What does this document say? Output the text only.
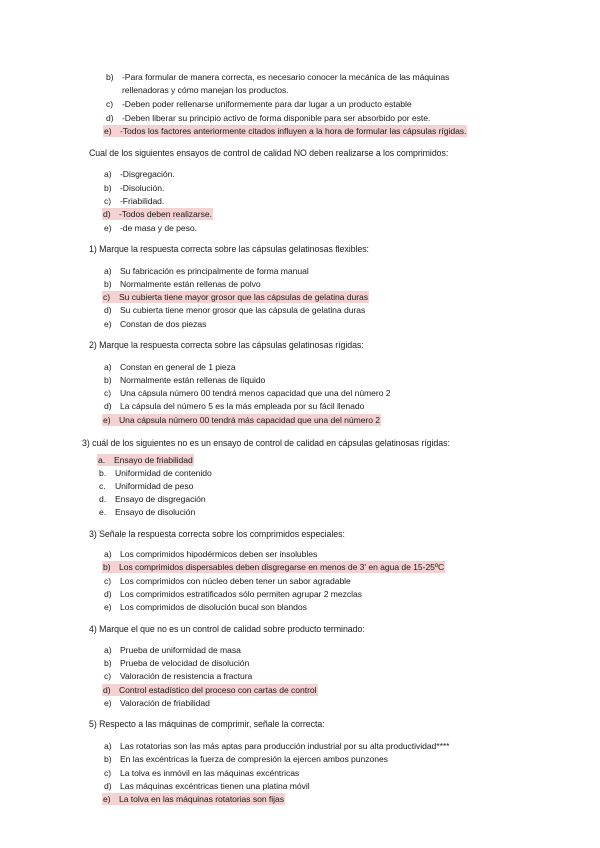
b) -Para formular de manera correcta, es necesario conocer la mecánica de las máquinas
rellenadoras y cómo manejan los productos.
c) -Deben poder rellenarse uniformemente para dar lugar a un producto estable
d) -Deben liberar su principio activo de forma disponible para ser absorbido por este.
e) -Todos los factores anteriormente citados influyen a la hora de formular las cápsulas rígidas.
Cual de los siguientes ensayos de control de calidad NO deben realizarse a los comprimidos:
a) -Disgregación.
b) -Disolución.
c) -Friabilidad.
d) -Todos deben realizarse.
e) -de masa y de peso.
1) Marque la respuesta correcta sobre las cápsulas gelatinosas flexibles:
a) Su fabricación es principalmente de forma manual
b) Normalmente están rellenas de polvo
c) Su cubierta tiene mayor grosor que las cápsulas de gelatina duras
d) Su cubierta tiene menor grosor que las cápsula de gelatina duras
e) Constan de dos piezas
2) Marque la respuesta correcta sobre las cápsulas gelatinosas rígidas:
a) Constan en general de 1 pieza
b) Normalmente están rellenas de líquido
c) Una cápsula número 00 tendrá menos capacidad que una del número 2
d) La cápsula del número 5 es la más empleada por su fácil llenado
e) Una cápsula número 00 tendrá más capacidad que una del número 2
3) cuál de los siguientes no es un ensayo de control de calidad en cápsulas gelatinosas rígidas:
a. Ensayo de friabilidad
b. Uniformidad de contenido
c. Uniformidad de peso
d. Ensayo de disgregación
e. Ensayo de disolución
3) Señale la respuesta correcta sobre los comprimidos especiales:
a) Los comprimidos hipodérmicos deben ser insolubles
b) Los comprimidos dispersables deben disgregarse en menos de 3' en agua de 15-25ºC
c) Los comprimidos con núcleo deben tener un sabor agradable
d) Los comprimidos estratificados sólo permiten agrupar 2 mezclas
e) Los comprimidos de disolución bucal son blandos
4) Marque el que no es un control de calidad sobre producto terminado:
a) Prueba de uniformidad de masa
b) Prueba de velocidad de disolución
c) Valoración de resistencia a fractura
d) Control estadístico del proceso con cartas de control
e) Valoración de friabilidad
5) Respecto a las máquinas de comprimir, señale la correcta:
a) Las rotatorias son las más aptas para producción industrial por su alta productividad****
b) En las excéntricas la fuerza de compresión la ejercen ambos punzones
c) La tolva es inmóvil en las máquinas excéntricas
d) Las máquinas excéntricas tienen una platina móvil
e) La tolva en las máquinas rotatorias son fijas
